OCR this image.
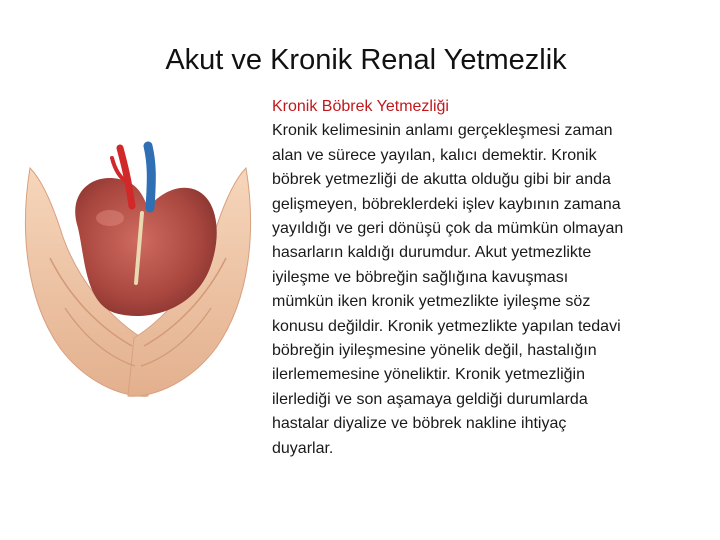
Akut ve Kronik Renal Yetmezlik
Kronik Böbrek Yetmezliği
Kronik kelimesinin anlamı gerçekleşmesi zaman
alan ve sürece yayılan, kalıcı demektir. Kronik
böbrek yetmezliği de akutta olduğu gibi bir anda
gelişmeyen, böbreklerdeki işlev kaybının zamana
yayıldığı ve geri dönüşü çok da mümkün olmayan
hasarların kaldığı durumdur. Akut yetmezlikte
iyileşme ve böbreğin sağlığına kavuşması
mümkün iken kronik yetmezlikte iyileşme söz
konusu değildir. Kronik yetmezlikte yapılan tedavi
böbreğin iyileşmesine yönelik değil, hastalığın
ilerlememesine yöneliktir. Kronik yetmezliğin
ilerlediği ve son aşamaya geldiği durumlarda
hastalar diyalize ve böbrek nakline ihtiyaç
duyarlar.
